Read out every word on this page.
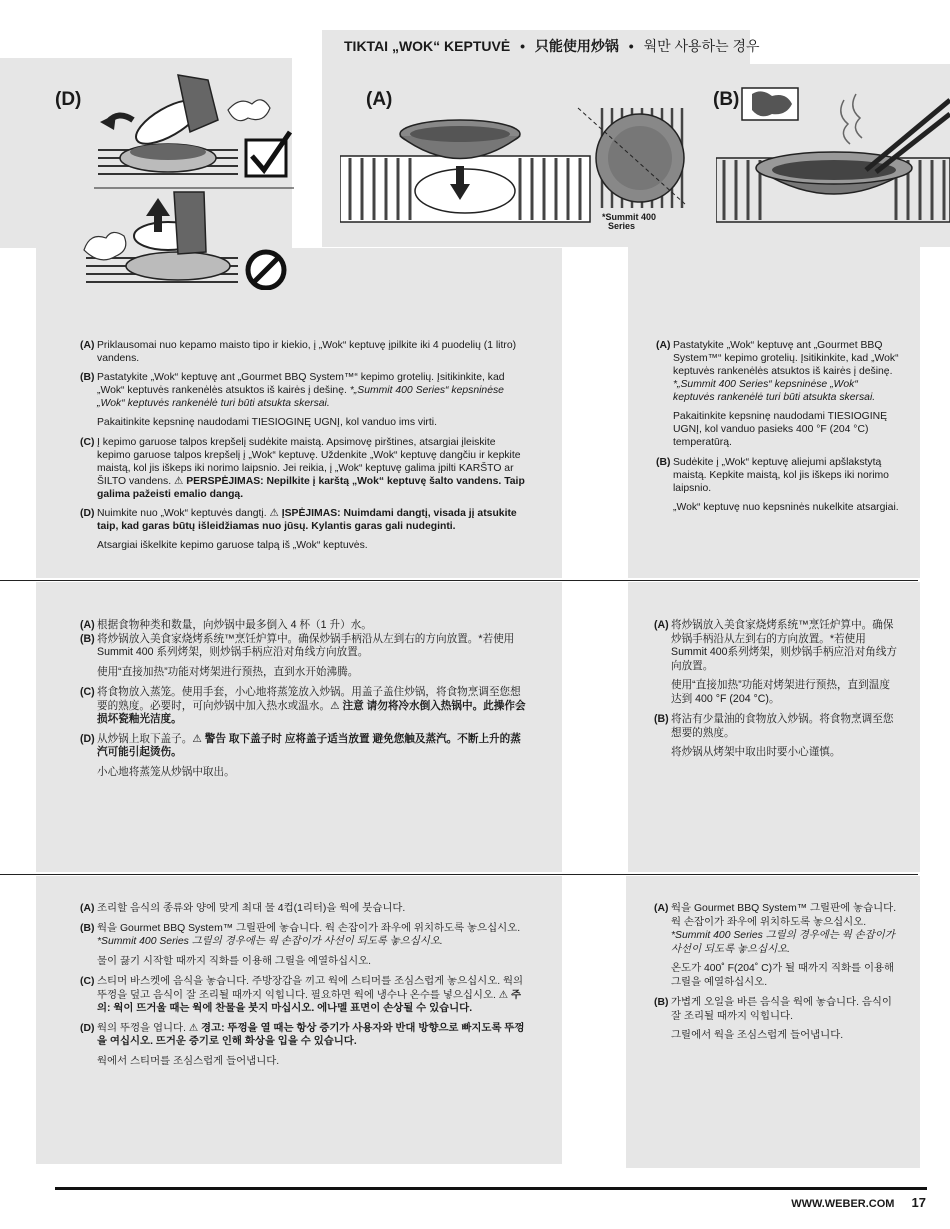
TIKTAI „WOK“ KEPTUVĖ • 只能使用炒锅 • 웍만 사용하는 경우
(D)	(A)	(B)
*Summit 400
Series
(A) Priklausomai nuo kepamo maisto tipo ir kiekio, į „Wok“ keptuvę įpilkite iki 4 puodelių (1 litro) vandens.
(B) Pastatykite „Wok“ keptuvę ant „Gourmet BBQ System™“ kepimo grotelių. Įsitikinkite, kad „Wok“ keptuvės rankenėlės atsuktos iš kairės į dešinę. *„Summit 400 Series“ kepsninėse „Wok“ keptuvės rankenėlė turi būti atsukta skersai.

Pakaitinkite kepsninę naudodami TIESIOGINĘ UGNĮ, kol vanduo ims virti.

(C) Į kepimo garuose talpos krepšelį sudėkite maistą. Apsimovę pirštines, atsargiai įleiskite kepimo garuose talpos krepšelį į „Wok“ keptuvę. Uždenkite „Wok“ keptuvę dangčiu ir kepkite maistą, kol jis iškeps iki norimo laipsnio. Jei reikia, į „Wok“ keptuvę galima įpilti KARŠTO ar ŠILTO vandens. ⚠ PERSPĖJIMAS: Nepilkite į karštą „Wok“ keptuvę šalto vandens. Taip galima pažeisti emalio dangą.
(D) Nuimkite nuo „Wok“ keptuvės dangtį. ⚠ ĮSPĖJIMAS: Nuimdami dangtį, visada jį atsukite taip, kad garas būtų išleidžiamas nuo jūsų. Kylantis garas gali nudeginti.

Atsargiai iškelkite kepimo garuose talpą iš „Wok“ keptuvės.

(A) Pastatykite „Wok“ keptuvę ant „Gourmet BBQ System™“ kepimo grotelių. Įsitikinkite, kad „Wok“ keptuvės rankenėlės atsuktos iš kairės į dešinę. *„Summit 400 Series“ kepsninėse „Wok“ keptuvės rankenėlė turi būti atsukta skersai.

Pakaitinkite kepsninę naudodami TIESIOGINĘ UGNĮ, kol vanduo pasieks 400 °F (204 °C) temperatūrą.

(B) Sudėkite į „Wok“ keptuvę aliejumi apšlakstytą maistą. Kepkite maistą, kol jis iškeps iki norimo laipsnio.

„Wok“ keptuvę nuo kepsninės nukelkite atsargiai.

(A) 根据食物种类和数量，向炒锅中最多倒入 4 杯（1 升）水。
(B) 将炒锅放入美食家烧烤系统™烹饪炉算中。确保炒锅手柄沿从左到右的方向放置。*若使用 Summit 400 系列烤架，则炒锅手柄应沿对角线方向放置。

使用“直接加热”功能对烤架进行预热，直到水开始沸腾。

(C) 将食物放入蒸笼。使用手套，小心地将蒸笼放入炒锅。用盖子盖住炒锅，将食物烹调至您想要的熟度。必要时，可向炒锅中加入热水或温水。⚠ 注意 请勿将冷水倒入热锅中。此操作会损坏瓷釉光洁度。
(D) 从炒锅上取下盖子。⚠ 警告 取下盖子时 应将盖子适当放置 避免您触及蒸汽。不断上升的蒸汽可能引起烫伤。

小心地将蒸笼从炒锅中取出。

(A) 将炒锅放入美食家烧烤系统™烹饪炉算中。确保炒锅手柄沿从左到右的方向放置。*若使用Summit 400系列烤架，则炒锅手柄应沿对角线方向放置。

使用“直接加热”功能对烤架进行预热，直到温度达到 400 °F (204 °C)。

(B) 将沾有少量油的食物放入炒锅。将食物烹调至您想要的熟度。

将炒锅从烤架中取出时要小心谨慎。

(A) 조리할 음식의 종류와 양에 맞게 최대 물 4컵(1리터)을 웍에 붓습니다.
(B) 웍을 Gourmet BBQ System™ 그릴판에 놓습니다. 웍 손잡이가 좌우에 위치하도록 놓으십시오. *Summit 400 Series 그릴의 경우에는 웍 손잡이가 사선이 되도록 놓으십시오.

물이 끓기 시작할 때까지 직화를 이용해 그릴을 예열하십시오.

(C) 스티머 바스켓에 음식을 놓습니다. 주방장갑을 끼고 웍에 스티머를 조심스럽게 놓으십시오. 웍의 뚜껑을 덮고 음식이 잘 조리될 때까지 익힙니다. 필요하면 웍에 냉수나 온수를 넣으십시오. ⚠ 주의: 웍이 뜨거울 때는 웍에 찬물을 붓지 마십시오. 에나멜 표면이 손상될 수 있습니다.
(D) 웍의 뚜껑을 엽니다. ⚠ 경고: 뚜껑을 열 때는 항상 증기가 사용자와 반대 방향으로 빠지도록 뚜껑을 여십시오. 뜨거운 증기로 인해 화상을 입을 수 있습니다.

웍에서 스티머를 조심스럽게 들어냅니다.

(A) 웍을 Gourmet BBQ System™ 그릴판에 놓습니다. 웍 손잡이가 좌우에 위치하도록 놓으십시오. *Summit 400 Series 그릴의 경우에는 웍 손잡이가 사선이 되도록 놓으십시오.

온도가 400˚ F(204˚ C)가 될 때까지 직화를 이용해 그릴을 예열하십시오.

(B) 가볍게 오일을 바른 음식을 웍에 놓습니다. 음식이 잘 조리될 때까지 익힙니다.

그릴에서 웍을 조심스럽게 들어냅니다.

WWW.WEBER.COM 17
